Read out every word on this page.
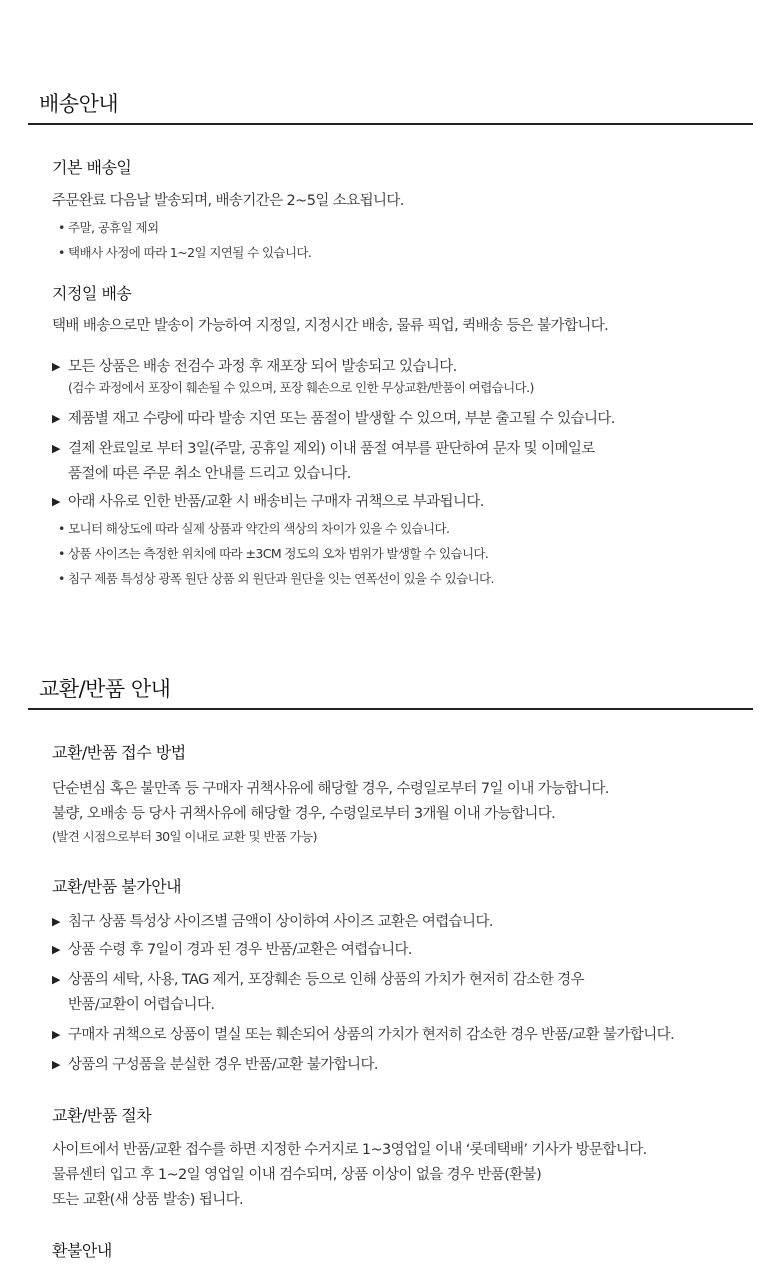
배송안내
기본 배송일
주문완료 다음날 발송되며, 배송기간은 2~5일 소요됩니다.
• 주말, 공휴일 제외
• 택배사 사정에 따라 1~2일 지연될 수 있습니다.
지정일 배송
택배 배송으로만 발송이 가능하여 지정일, 지정시간 배송, 물류 픽업, 퀵배송 등은 불가합니다.
▶ 모든 상품은 배송 전검수 과정 후 재포장 되어 발송되고 있습니다.
(검수 과정에서 포장이 훼손될 수 있으며, 포장 훼손으로 인한 무상교환/반품이 여렵습니다.)
▶ 제품별 재고 수량에 따라 발송 지연 또는 품절이 발생할 수 있으며, 부분 출고될 수 있습니다.
▶ 결제 완료일로 부터 3일(주말, 공휴일 제외) 이내 품절 여부를 판단하여 문자 및 이메일로
품절에 따른 주문 취소 안내를 드리고 있습니다.
▶ 아래 사유로 인한 반품/교환 시 배송비는 구매자 귀책으로 부과됩니다.
• 모니터 해상도에 따라 실제 상품과 약간의 색상의 차이가 있을 수 있습니다.
• 상품 사이즈는 측정한 위치에 따라 ±3CM 정도의 오차 범위가 발생할 수 있습니다.
• 침구 제품 특성상 광폭 원단 상품 외 원단과 원단을 잇는 연폭선이 있을 수 있습니다.
교환/반품 안내
교환/반품 접수 방법
단순변심 혹은 불만족 등 구매자 귀책사유에 해당할 경우, 수령일로부터 7일 이내 가능합니다.
불량, 오배송 등 당사 귀책사유에 해당할 경우, 수령일로부터 3개월 이내 가능합니다.
(발견 시점으로부터 30일 이내로 교환 및 반품 가능)
교환/반품 불가안내
▶ 침구 상품 특성상 사이즈별 금액이 상이하여 사이즈 교환은 여렵습니다.
▶ 상품 수령 후 7일이 경과 된 경우 반품/교환은 여렵습니다.
▶ 상품의 세탁, 사용, TAG 제거, 포장훼손 등으로 인해 상품의 가치가 현저히 감소한 경우
반품/교환이 어렵습니다.
▶ 구매자 귀책으로 상품이 멸실 또는 훼손되어 상품의 가치가 현저히 감소한 경우 반품/교환 불가합니다.
▶ 상품의 구성품을 분실한 경우 반품/교환 불가합니다.
교환/반품 절차
사이트에서 반품/교환 접수를 하면 지정한 수거지로 1~3영업일 이내 ‘롯데택배’ 기사가 방문합니다.
물류센터 입고 후 1~2일 영업일 이내 검수되며, 상품 이상이 없을 경우 반품(환불)
또는 교환(새 상품 발송) 됩니다.
환불안내
